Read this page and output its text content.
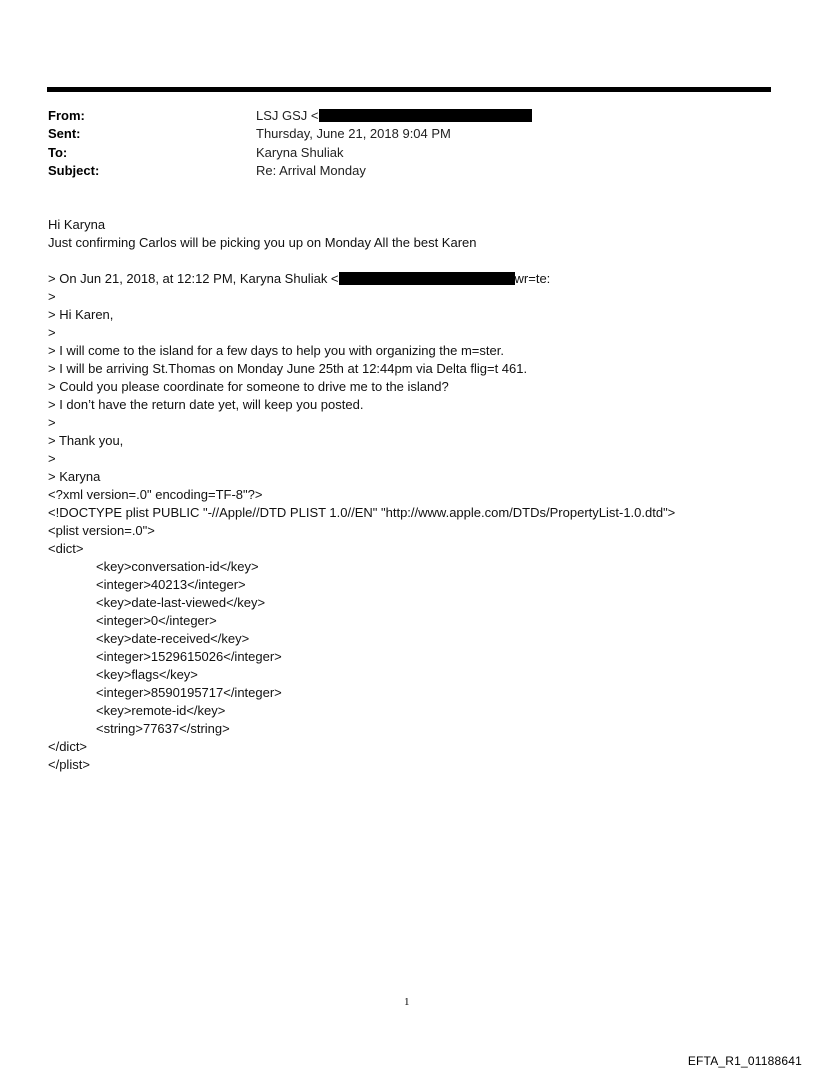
From:	LSJ GSJ <
Sent:	Thursday, June 21, 2018 9:04 PM
To:	Karyna Shuliak
Subject:	Re: Arrival Monday
Hi Karyna
Just confirming Carlos will be picking you up on Monday All the best Karen
> On Jun 21, 2018, at 12:12 PM, Karyna Shuliak <	wr=te:
>
> Hi Karen,
>
> I will come to the island for a few days to help you with organizing the m=ster.
> I will be arriving St.Thomas on Monday June 25th at 12:44pm via Delta flig=t 461.
> Could you please coordinate for someone to drive me to the island?
> I don’t have the return date yet, will keep you posted.
>
> Thank you,
>
> Karyna
<?xml version=.0" encoding=TF-8"?>
<!DOCTYPE plist PUBLIC "-//Apple//DTD PLIST 1.0//EN" "http://www.apple.com/DTDs/PropertyList-1.0.dtd">
<plist version=.0">
<dict>
<key>conversation-id</key>
<integer>40213</integer>
<key>date-last-viewed</key>
<integer>0</integer>
<key>date-received</key>
<integer>1529615026</integer>
<key>flags</key>
<integer>8590195717</integer>
<key>remote-id</key>
<string>77637</string>
</dict>
</plist>
1
EFTA_R1_01188641
